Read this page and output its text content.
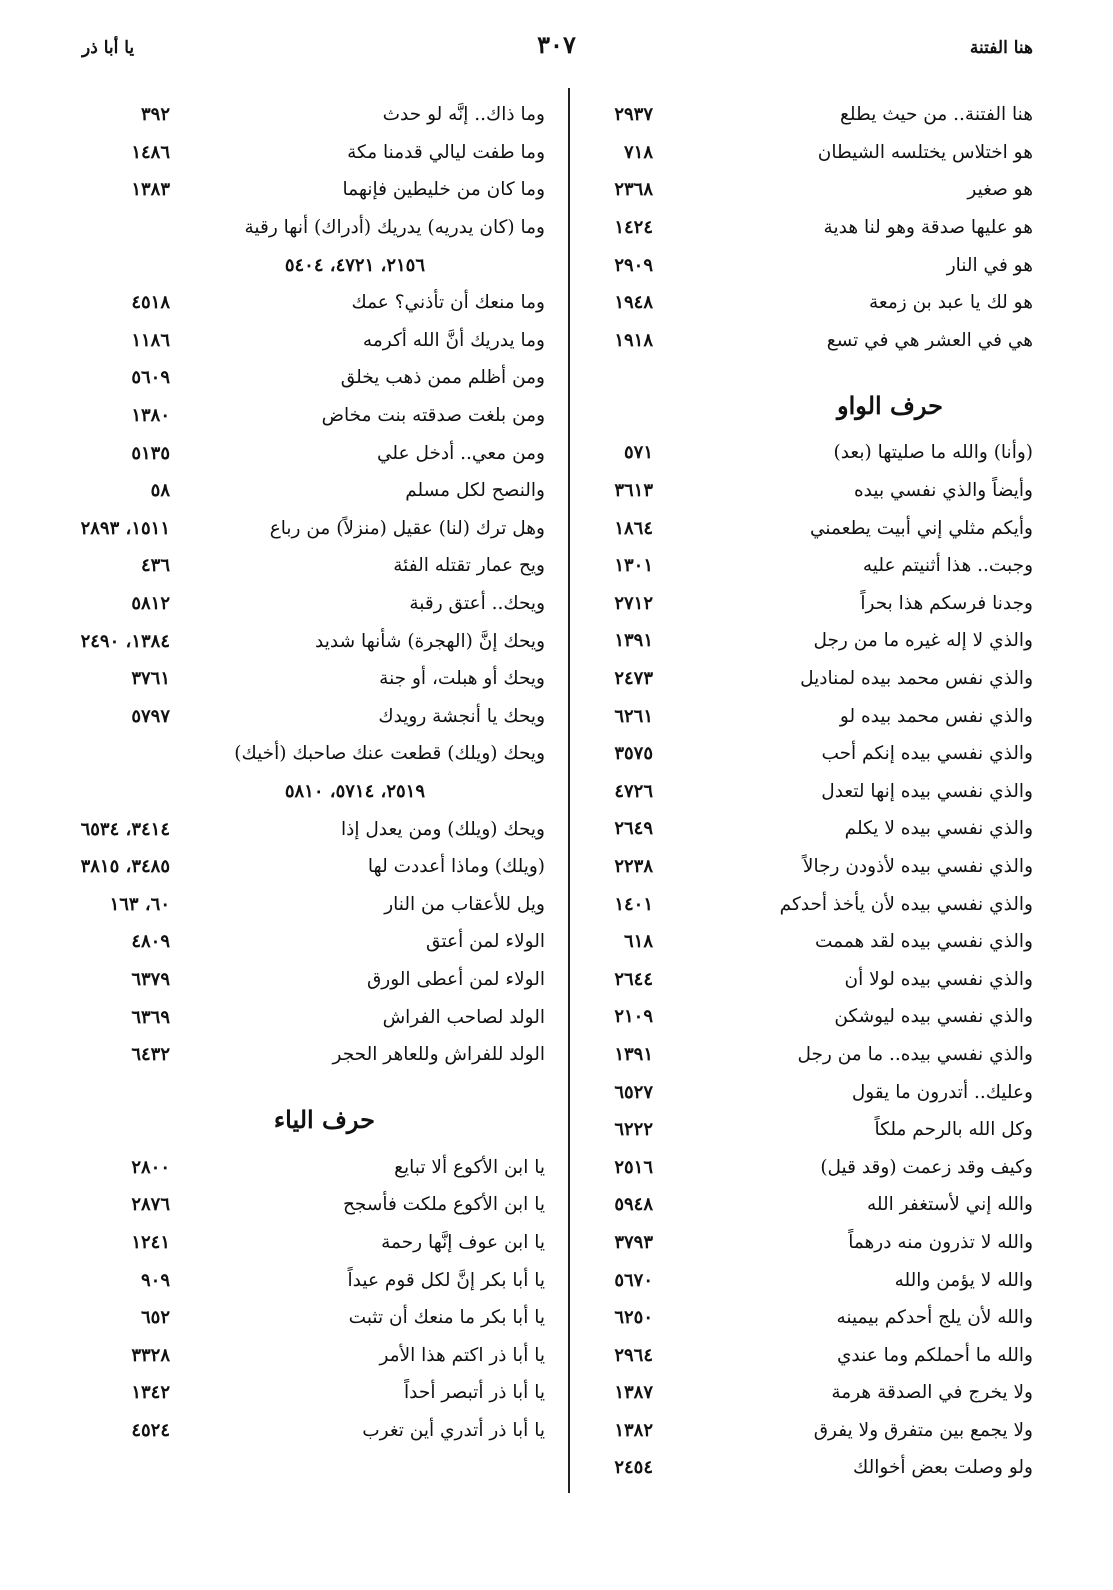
هنا الفتنة
٣٠٧
يا أبا ذر
هنا الفتنة.. من حيث يطلع
٢٩٣٧
هو اختلاس يختلسه الشيطان
٧١٨
هو صغير
٢٣٦٨
هو عليها صدقة وهو لنا هدية
١٤٢٤
هو في النار
٢٩٠٩
هو لك يا عبد بن زمعة
١٩٤٨
هي في العشر هي في تسع
١٩١٨
حرف الواو
(وأنا) والله ما صليتها (بعد)
٥٧١
وأيضاً والذي نفسي بيده
٣٦١٣
وأيكم مثلي إني أبيت يطعمني
١٨٦٤
وجبت.. هذا أثنيتم عليه
١٣٠١
وجدنا فرسكم هذا بحراً
٢٧١٢
والذي لا إله غيره ما من رجل
١٣٩١
والذي نفس محمد بيده لمناديل
٢٤٧٣
والذي نفس محمد بيده لو
٦٢٦١
والذي نفسي بيده إنكم أحب
٣٥٧٥
والذي نفسي بيده إنها لتعدل
٤٧٢٦
والذي نفسي بيده لا يكلم
٢٦٤٩
والذي نفسي بيده لأذودن رجالاً
٢٢٣٨
والذي نفسي بيده لأن يأخذ أحدكم
١٤٠١
والذي نفسي بيده لقد هممت
٦١٨
والذي نفسي بيده لولا أن
٢٦٤٤
والذي نفسي بيده ليوشكن
٢١٠٩
والذي نفسي بيده.. ما من رجل
١٣٩١
وعليك.. أتدرون ما يقول
٦٥٢٧
وكل الله بالرحم ملكاً
٦٢٢٢
وكيف وقد زعمت (وقد قيل)
٢٥١٦
والله إني لأستغفر الله
٥٩٤٨
والله لا تذرون منه درهماً
٣٧٩٣
والله لا يؤمن والله
٥٦٧٠
والله لأن يلج أحدكم بيمينه
٦٢٥٠
والله ما أحملكم وما عندي
٢٩٦٤
ولا يخرج في الصدقة هرمة
١٣٨٧
ولا يجمع بين متفرق ولا يفرق
١٣٨٢
ولو وصلت بعض أخوالك
٢٤٥٤
وما ذاك.. إنَّه لو حدث
٣٩٢
وما طفت ليالي قدمنا مكة
١٤٨٦
وما كان من خليطين فإنهما
١٣٨٣
وما (كان يدريه) يدريك (أدراك) أنها رقية
٢١٥٦، ٤٧٢١، ٥٤٠٤
وما منعك أن تأذني؟ عمك
٤٥١٨
وما يدريك أنَّ الله أكرمه
١١٨٦
ومن أظلم ممن ذهب يخلق
٥٦٠٩
ومن بلغت صدقته بنت مخاض
١٣٨٠
ومن معي.. أدخل علي
٥١٣٥
والنصح لكل مسلم
٥٨
وهل ترك (لنا) عقيل (منزلاً) من رباع
١٥١١، ٢٨٩٣
ويح عمار تقتله الفئة
٤٣٦
ويحك.. أعتق رقبة
٥٨١٢
ويحك إنَّ (الهجرة) شأنها شديد
١٣٨٤، ٢٤٩٠
ويحك أو هبلت، أو جنة
٣٧٦١
ويحك يا أنجشة رويدك
٥٧٩٧
ويحك (ويلك) قطعت عنك صاحبك (أخيك)
٢٥١٩، ٥٧١٤، ٥٨١٠
ويحك (ويلك) ومن يعدل إذا
٣٤١٤، ٦٥٣٤
(ويلك) وماذا أعددت لها
٣٤٨٥، ٣٨١٥
ويل للأعقاب من النار
٦٠، ١٦٣
الولاء لمن أعتق
٤٨٠٩
الولاء لمن أعطى الورق
٦٣٧٩
الولد لصاحب الفراش
٦٣٦٩
الولد للفراش وللعاهر الحجر
٦٤٣٢
حرف الياء
يا ابن الأكوع ألا تبايع
٢٨٠٠
يا ابن الأكوع ملكت فأسجح
٢٨٧٦
يا ابن عوف إنَّها رحمة
١٢٤١
يا أبا بكر إنَّ لكل قوم عيداً
٩٠٩
يا أبا بكر ما منعك أن تثبت
٦٥٢
يا أبا ذر اكتم هذا الأمر
٣٣٢٨
يا أبا ذر أتبصر أحداً
١٣٤٢
يا أبا ذر أتدري أين تغرب
٤٥٢٤
